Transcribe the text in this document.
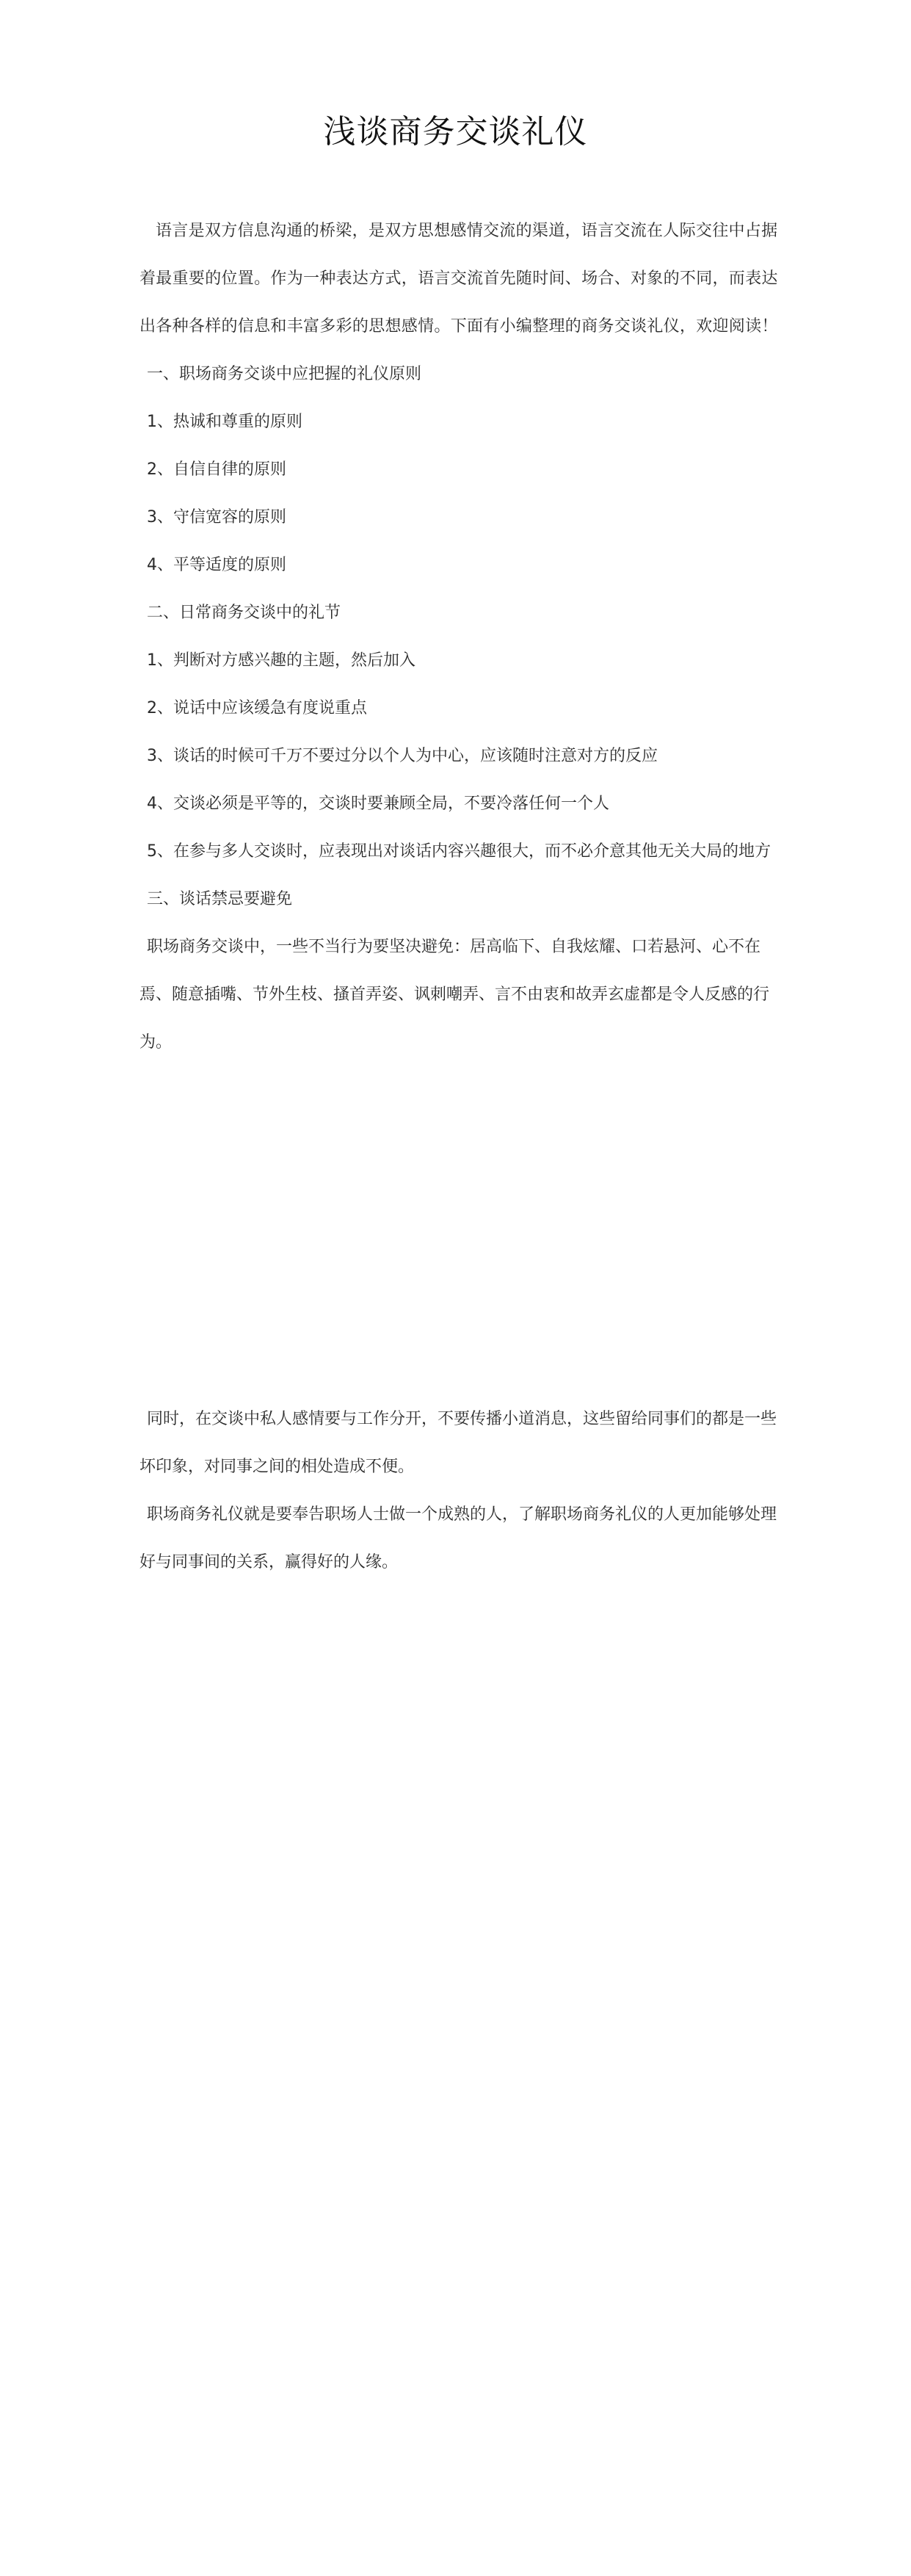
浅谈商务交谈礼仪

语言是双方信息沟通的桥梁，是双方思想感情交流的渠道，语言交流在人际交往中占据着最重要的位置。作为一种表达方式，语言交流首先随时间、场合、对象的不同，而表达出各种各样的信息和丰富多彩的思想感情。下面有小编整理的商务交谈礼仪，欢迎阅读！

一、职场商务交谈中应把握的礼仪原则

1、热诚和尊重的原则

2、自信自律的原则

3、守信宽容的原则

4、平等适度的原则

二、日常商务交谈中的礼节

1、判断对方感兴趣的主题，然后加入

2、说话中应该缓急有度说重点

3、谈话的时候可千万不要过分以个人为中心，应该随时注意对方的反应

4、交谈必须是平等的，交谈时要兼顾全局，不要冷落任何一个人

5、在参与多人交谈时，应表现出对谈话内容兴趣很大，而不必介意其他无关大局的地方

三、谈话禁忌要避免

职场商务交谈中，一些不当行为要坚决避免：居高临下、自我炫耀、口若悬河、心不在焉、随意插嘴、节外生枝、搔首弄姿、讽刺嘲弄、言不由衷和故弄玄虚都是令人反感的行为。

同时，在交谈中私人感情要与工作分开，不要传播小道消息，这些留给同事们的都是一些坏印象，对同事之间的相处造成不便。

职场商务礼仪就是要奉告职场人士做一个成熟的人，了解职场商务礼仪的人更加能够处理好与同事间的关系，赢得好的人缘。
